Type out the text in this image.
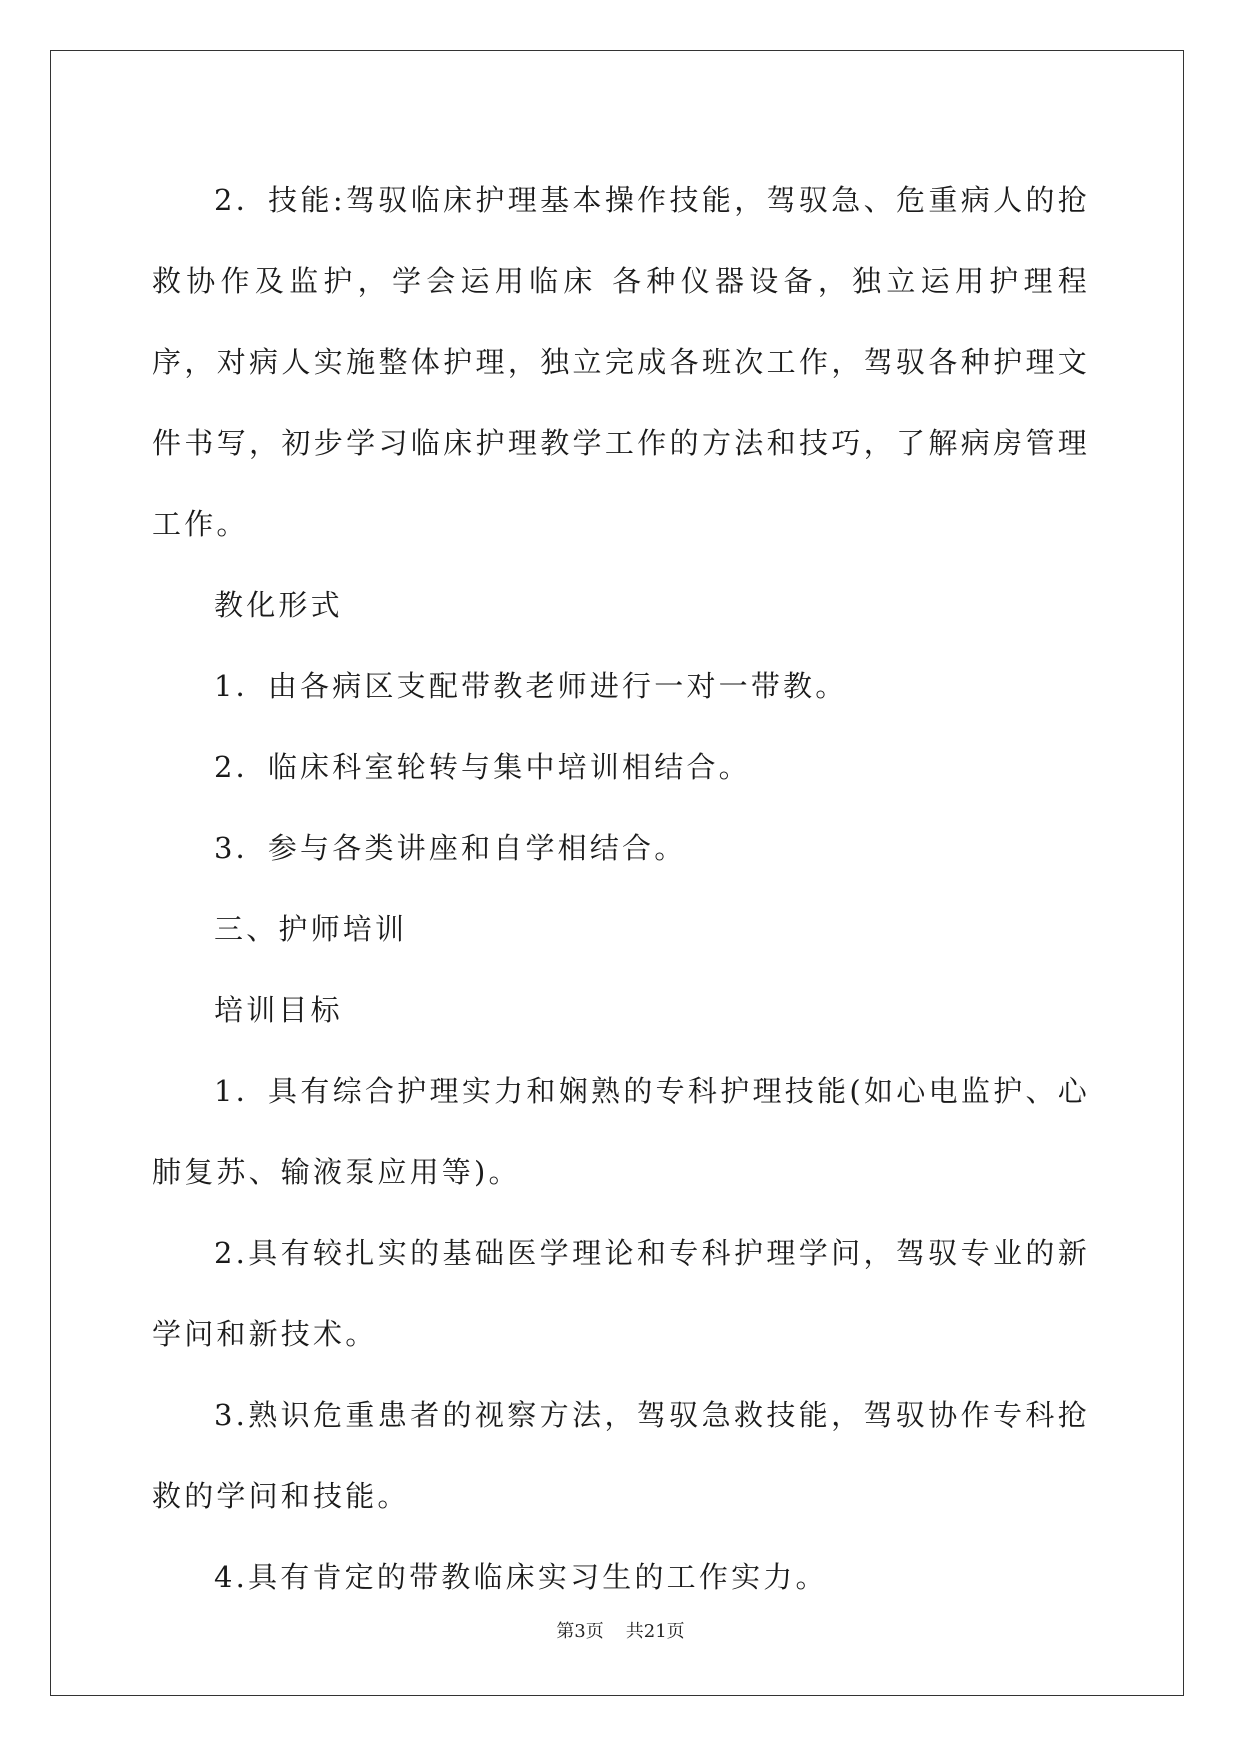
2．技能:驾驭临床护理基本操作技能，驾驭急、危重病人的抢救协作及监护，学会运用临床 各种仪器设备，独立运用护理程序，对病人实施整体护理，独立完成各班次工作，驾驭各种护理文件书写，初步学习临床护理教学工作的方法和技巧，了解病房管理工作。

教化形式

1．由各病区支配带教老师进行一对一带教。

2．临床科室轮转与集中培训相结合。

3．参与各类讲座和自学相结合。

三、护师培训

培训目标

1．具有综合护理实力和娴熟的专科护理技能(如心电监护、心肺复苏、输液泵应用等)。

2.具有较扎实的基础医学理论和专科护理学问，驾驭专业的新学问和新技术。

3.熟识危重患者的视察方法，驾驭急救技能，驾驭协作专科抢救的学问和技能。

4.具有肯定的带教临床实习生的工作实力。

第3页 共21页
